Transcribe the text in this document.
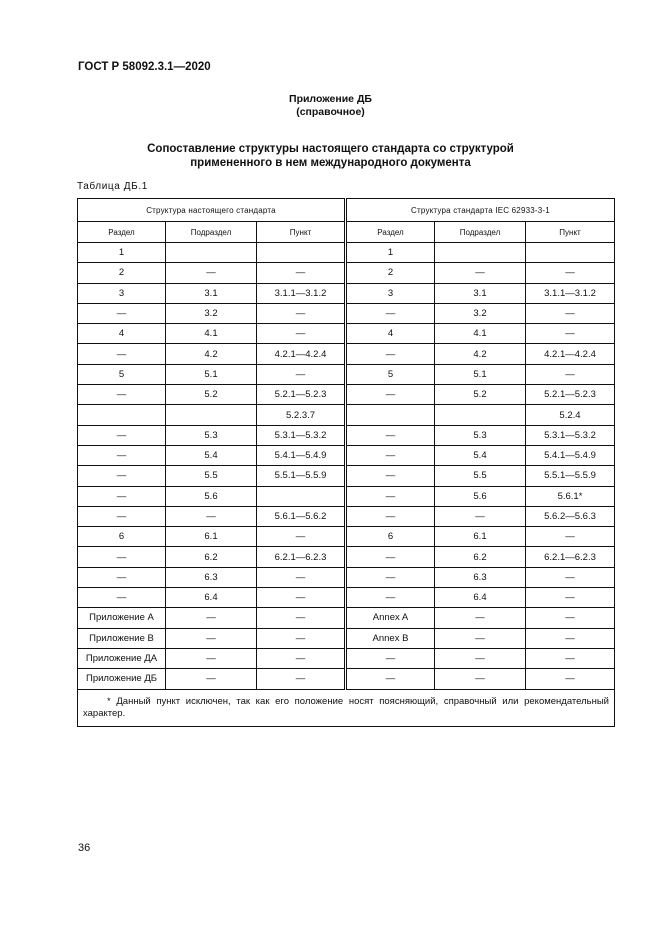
ГОСТ Р 58092.3.1—2020
Приложение ДБ
(справочное)
Сопоставление структуры настоящего стандарта со структурой
примененного в нем международного документа
Таблица ДБ.1
Структура настоящего стандарта			Структура стандарта IEC 62933-3-1		
Раздел	Подраздел	Пункт	Раздел	Подраздел	Пункт
1			1		
2	—	—	2	—	—
3	3.1	3.1.1—3.1.2	3	3.1	3.1.1—3.1.2
—	3.2	—	—	3.2	—
4	4.1	—	4	4.1	—
—	4.2	4.2.1—4.2.4	—	4.2	4.2.1—4.2.4
5	5.1	—	5	5.1	—
—	5.2	5.2.1—5.2.3	—	5.2	5.2.1—5.2.3
		5.2.3.7			5.2.4
—	5.3	5.3.1—5.3.2	—	5.3	5.3.1—5.3.2
—	5.4	5.4.1—5.4.9	—	5.4	5.4.1—5.4.9
—	5.5	5.5.1—5.5.9	—	5.5	5.5.1—5.5.9
—	5.6		—	5.6	5.6.1*
—	—	5.6.1—5.6.2	—	—	5.6.2—5.6.3
6	6.1	—	6	6.1	—
—	6.2	6.2.1—6.2.3	—	6.2	6.2.1—6.2.3
—	6.3	—	—	6.3	—
—	6.4	—	—	6.4	—
Приложение А	—	—	Annex A	—	—
Приложение В	—	—	Annex B	—	—
Приложение ДА	—	—	—	—	—
Приложение ДБ	—	—	—	—	—

* Данный пункт исключен, так как его положение носят поясняющий, справочный или рекомендательный характер.					
36
